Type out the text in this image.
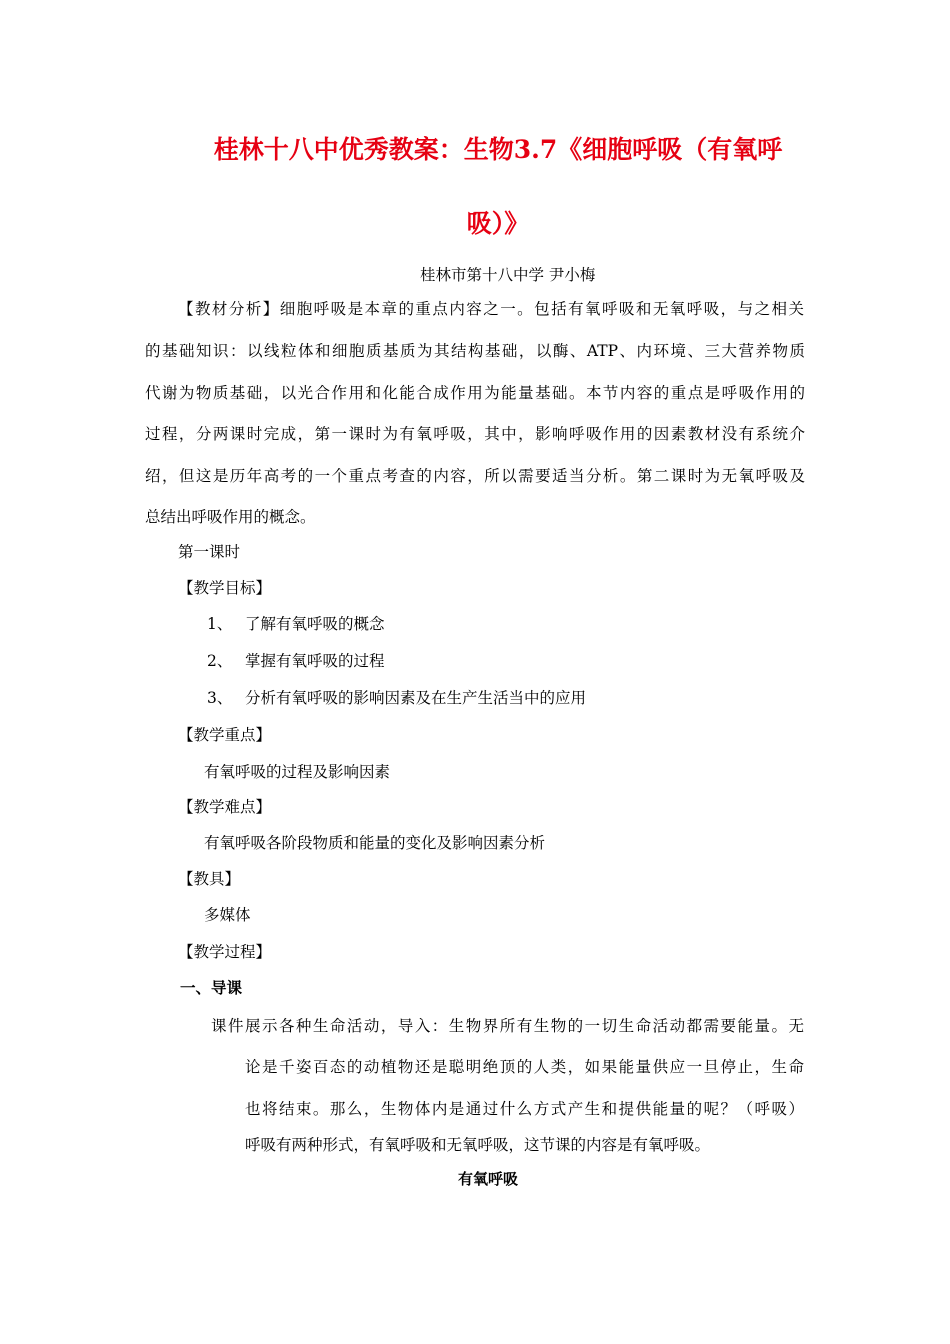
桂林十八中优秀教案：生物3.7《细胞呼吸（有氧呼
吸）》
桂林市第十八中学 尹小梅
【教材分析】细胞呼吸是本章的重点内容之一。包括有氧呼吸和无氧呼吸，与之相关
的基础知识：以线粒体和细胞质基质为其结构基础，以酶、ATP、内环境、三大营养物质
代谢为物质基础，以光合作用和化能合成作用为能量基础。本节内容的重点是呼吸作用的
过程，分两课时完成，第一课时为有氧呼吸，其中，影响呼吸作用的因素教材没有系统介
绍，但这是历年高考的一个重点考查的内容，所以需要适当分析。第二课时为无氧呼吸及
总结出呼吸作用的概念。
第一课时
【教学目标】
1、 了解有氧呼吸的概念
2、 掌握有氧呼吸的过程
3、 分析有氧呼吸的影响因素及在生产生活当中的应用
【教学重点】
有氧呼吸的过程及影响因素
【教学难点】
有氧呼吸各阶段物质和能量的变化及影响因素分析
【教具】
多媒体
【教学过程】
一、导课
课件展示各种生命活动，导入：生物界所有生物的一切生命活动都需要能量。无
论是千姿百态的动植物还是聪明绝顶的人类，如果能量供应一旦停止，生命
也将结束。那么，生物体内是通过什么方式产生和提供能量的呢？（呼吸）
呼吸有两种形式，有氧呼吸和无氧呼吸，这节课的内容是有氧呼吸。
有氧呼吸
